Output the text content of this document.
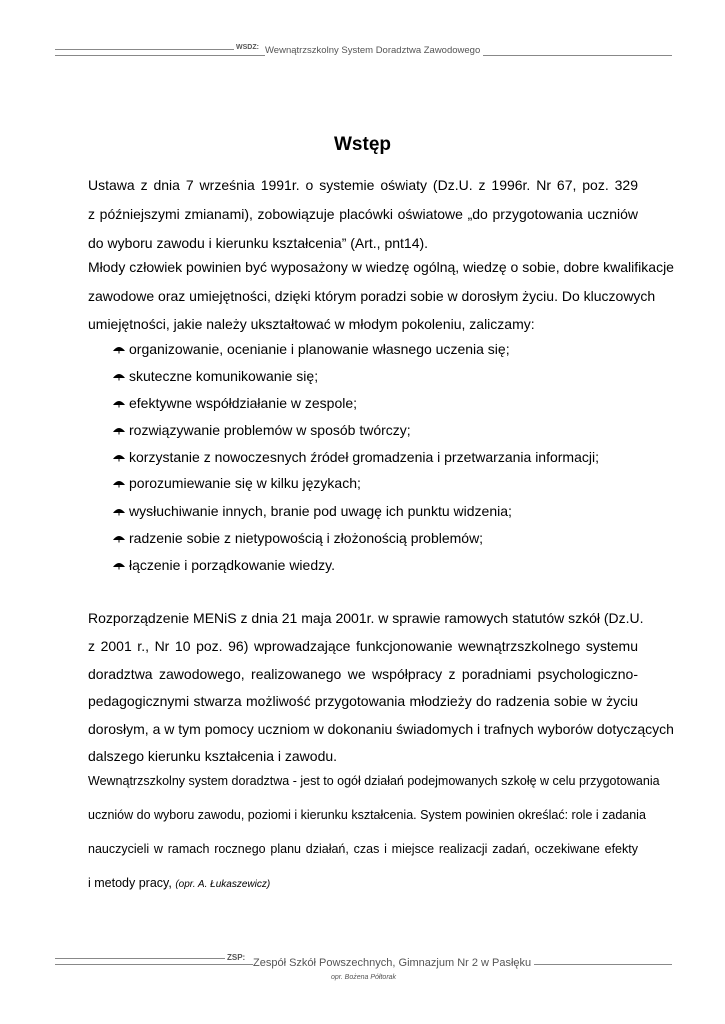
WSDZ: Wewnątrzszkolny System Doradztwa Zawodowego
Wstęp
Ustawa z dnia 7 września 1991r. o systemie oświaty (Dz.U. z 1996r. Nr 67, poz. 329
z późniejszymi zmianami), zobowiązuje placówki oświatowe „do przygotowania uczniów
do wyboru zawodu i kierunku kształcenia” (Art., pnt14).
Młody człowiek powinien być wyposażony w wiedzę ogólną, wiedzę o sobie, dobre kwalifikacje
zawodowe oraz umiejętności, dzięki którym poradzi sobie w dorosłym życiu. Do kluczowych
umiejętności, jakie należy ukształtować w młodym pokoleniu, zaliczamy:
organizowanie, ocenianie i planowanie własnego uczenia się;
skuteczne komunikowanie się;
efektywne współdziałanie w zespole;
rozwiązywanie problemów w sposób twórczy;
korzystanie z nowoczesnych źródeł gromadzenia i przetwarzania informacji;
porozumiewanie się w kilku językach;
wysłuchiwanie innych, branie pod uwagę ich punktu widzenia;
radzenie sobie z nietypowością i złożonością problemów;
łączenie i porządkowanie wiedzy.
Rozporządzenie MENiS z dnia 21 maja 2001r. w sprawie ramowych statutów szkół (Dz.U.
z 2001 r., Nr 10 poz. 96) wprowadzające funkcjonowanie wewnątrzszkolnego systemu
doradztwa zawodowego, realizowanego we współpracy z poradniami psychologiczno-
pedagogicznymi stwarza możliwość przygotowania młodzieży do radzenia sobie w życiu
dorosłym, a w tym pomocy uczniom w dokonaniu świadomych i trafnych wyborów dotyczących
dalszego kierunku kształcenia i zawodu.
Wewnątrzszkolny system doradztwa - jest to ogół działań podejmowanych szkołę w celu przygotowania
uczniów do wyboru zawodu, poziomi i kierunku kształcenia. System powinien określać: role i zadania
nauczycieli w ramach rocznego planu działań, czas i miejsce realizacji zadań, oczekiwane efekty
i metody pracy, (opr. A. Łukaszewicz)
ZSP: Zespół Szkół Powszechnych, Gimnazjum Nr 2 w Pasłęku
opr. Bożena Półtorak
